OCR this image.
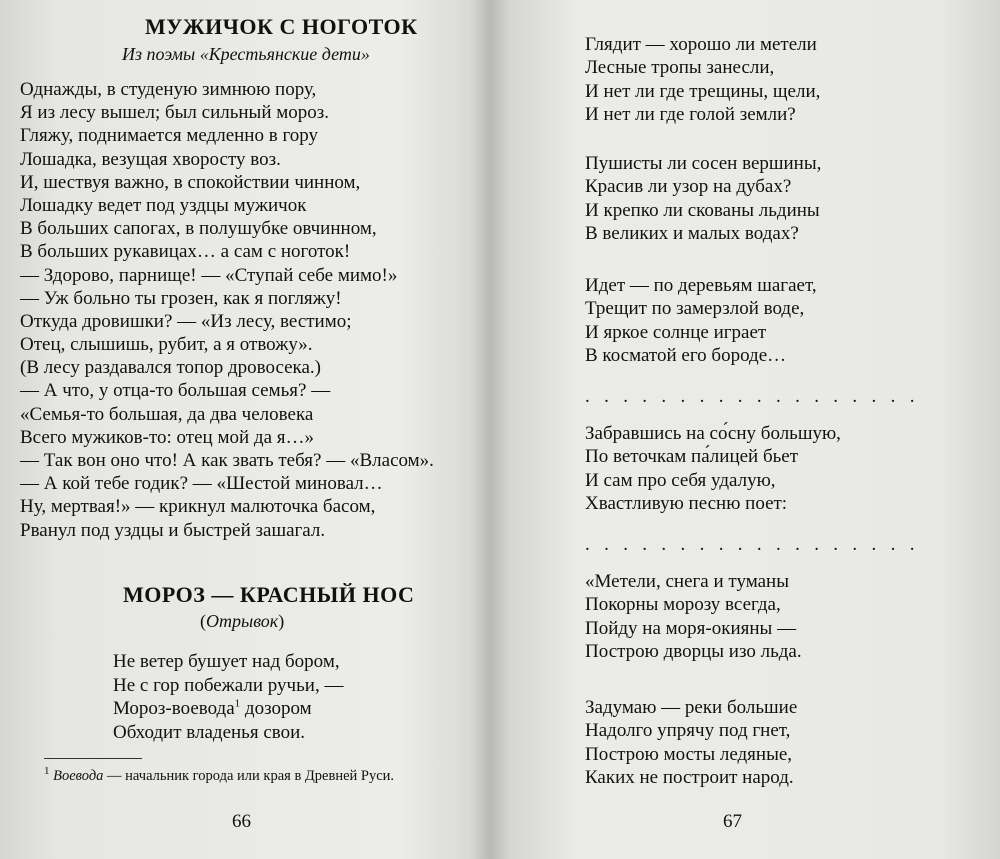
МУЖИЧОК С НОГОТОК
Из поэмы «Крестьянские дети»
Однажды, в студеную зимнюю пору,
Я из лесу вышел; был сильный мороз.
Гляжу, поднимается медленно в гору
Лошадка, везущая хворосту воз.
И, шествуя важно, в спокойствии чинном,
Лошадку ведет под уздцы мужичок
В больших сапогах, в полушубке овчинном,
В больших рукавицах… а сам с ноготок!
— Здорово, парнище! — «Ступай себе мимо!»
— Уж больно ты грозен, как я погляжу!
Откуда дровишки? — «Из лесу, вестимо;
Отец, слышишь, рубит, а я отвожу».
(В лесу раздавался топор дровосека.)
— А что, у отца-то большая семья? —
«Семья-то большая, да два человека
Всего мужиков-то: отец мой да я…»
— Так вон оно что! А как звать тебя? — «Власом».
— А кой тебе годик? — «Шестой миновал…
Ну, мертвая!» — крикнул малюточка басом,
Рванул под уздцы и быстрей зашагал.
МОРОЗ — КРАСНЫЙ НОС
(Отрывок)
Не ветер бушует над бором,
Не с гор побежали ручьи, —
Мороз-воевода$^1$ дозором
Обходит владенья свои.
$^1$ Воевода — начальник города или края в Древней Руси.
66
Глядит — хорошо ли метели
Лесные тропы занесли,
И нет ли где трещины, щели,
И нет ли где голой земли?
Пушисты ли сосен вершины,
Красив ли узор на дубах?
И крепко ли скованы льдины
В великих и малых водах?
Идет — по деревьям шагает,
Трещит по замерзлой воде,
И яркое солнце играет
В косматой его бороде…
. . . . . . . . . . . . . . . . . .
Забравшись на со́сну большую,
По веточкам па́лицей бьет
И сам про себя удалую,
Хвастливую песню поет:
. . . . . . . . . . . . . . . . . .
«Метели, снега и туманы
Покорны морозу всегда,
Пойду на моря-окияны —
Построю дворцы изо льда.
Задумаю — реки большие
Надолго упрячу под гнет,
Построю мосты ледяные,
Каких не построит народ.
67
